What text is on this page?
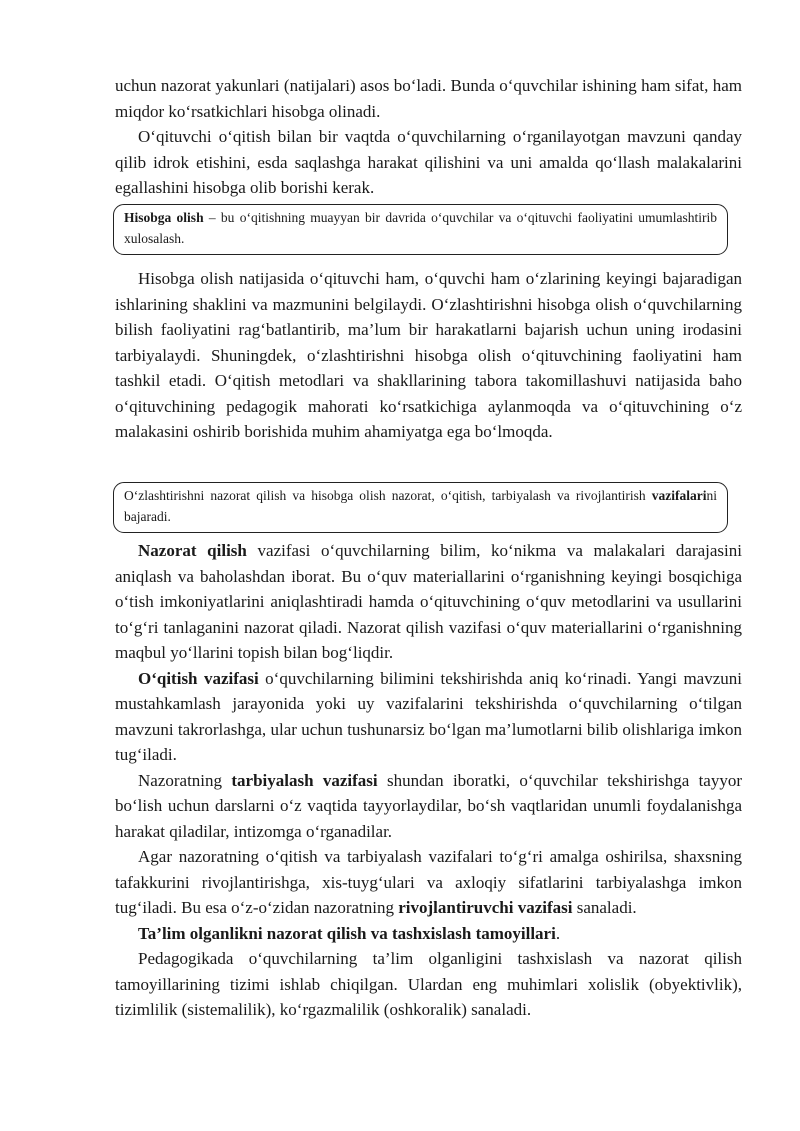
uchun nazorat yakunlari (natijalari) asos bo‘ladi. Bunda o‘quvchilar ishining ham sifat, ham miqdor ko‘rsatkichlari hisobga olinadi.

O‘qituvchi o‘qitish bilan bir vaqtda o‘quvchilarning o‘rganilayotgan mavzuni qanday qilib idrok etishini, esda saqlashga harakat qilishini va uni amalda qo‘llash malakalarini egallashini hisobga olib borishi kerak.

Hisobga olish – bu o‘qitishning muayyan bir davrida o‘quvchilar va o‘qituvchi faoliyatini umumlashtirib xulosalash.

Hisobga olish natijasida o‘qituvchi ham, o‘quvchi ham o‘zlarining keyingi bajaradigan ishlarining shaklini va mazmunini belgilaydi. O‘zlashtirishni hisobga olish o‘quvchilarning bilish faoliyatini rag‘batlantirib, ma’lum bir harakatlarni bajarish uchun uning irodasini tarbiyalaydi. Shuningdek, o‘zlashtirishni hisobga olish o‘qituvchining faoliyatini ham tashkil etadi. O‘qitish metodlari va shakllarining tabora takomillashuvi natijasida baho o‘qituvchining pedagogik mahorati ko‘rsatkichiga aylanmoqda va o‘qituvchining o‘z malakasini oshirib borishida muhim ahamiyatga ega bo‘lmoqda.

O‘zlashtirishni nazorat qilish va hisobga olish nazorat, o‘qitish, tarbiyalash va rivojlantirish vazifalarini bajaradi.

Nazorat qilish vazifasi o‘quvchilarning bilim, ko‘nikma va malakalari darajasini aniqlash va baholashdan iborat. Bu o‘quv materiallarini o‘rganishning keyingi bosqichiga o‘tish imkoniyatlarini aniqlashtiradi hamda o‘qituvchining o‘quv metodlarini va usullarini to‘g‘ri tanlaganini nazorat qiladi. Nazorat qilish vazifasi o‘quv materiallarini o‘rganishning maqbul yo‘llarini topish bilan bog‘liqdir.

O‘qitish vazifasi o‘quvchilarning bilimini tekshirishda aniq ko‘rinadi. Yangi mavzuni mustahkamlash jarayonida yoki uy vazifalarini tekshirishda o‘quvchilarning o‘tilgan mavzuni takrorlashga, ular uchun tushunarsiz bo‘lgan ma’lumotlarni bilib olishlariga imkon tug‘iladi.

Nazoratning tarbiyalash vazifasi shundan iboratki, o‘quvchilar tekshirishga tayyor bo‘lish uchun darslarni o‘z vaqtida tayyorlaydilar, bo‘sh vaqtlaridan unumli foydalanishga harakat qiladilar, intizomga o‘rganadilar.

Agar nazoratning o‘qitish va tarbiyalash vazifalari to‘g‘ri amalga oshirilsa, shaxsning tafakkurini rivojlantirishga, xis-tuyg‘ulari va axloqiy sifatlarini tarbiyalashga imkon tug‘iladi. Bu esa o‘z-o‘zidan nazoratning rivojlantiruvchi vazifasi sanaladi.

Ta’lim olganlikni nazorat qilish va tashxislash tamoyillari.

Pedagogikada o‘quvchilarning ta’lim olganligini tashxislash va nazorat qilish tamoyillarining tizimi ishlab chiqilgan. Ulardan eng muhimlari xolislik (obyektivlik), tizimlilik (sistemalilik), ko‘rgazmalilik (oshkoralik) sanaladi.
